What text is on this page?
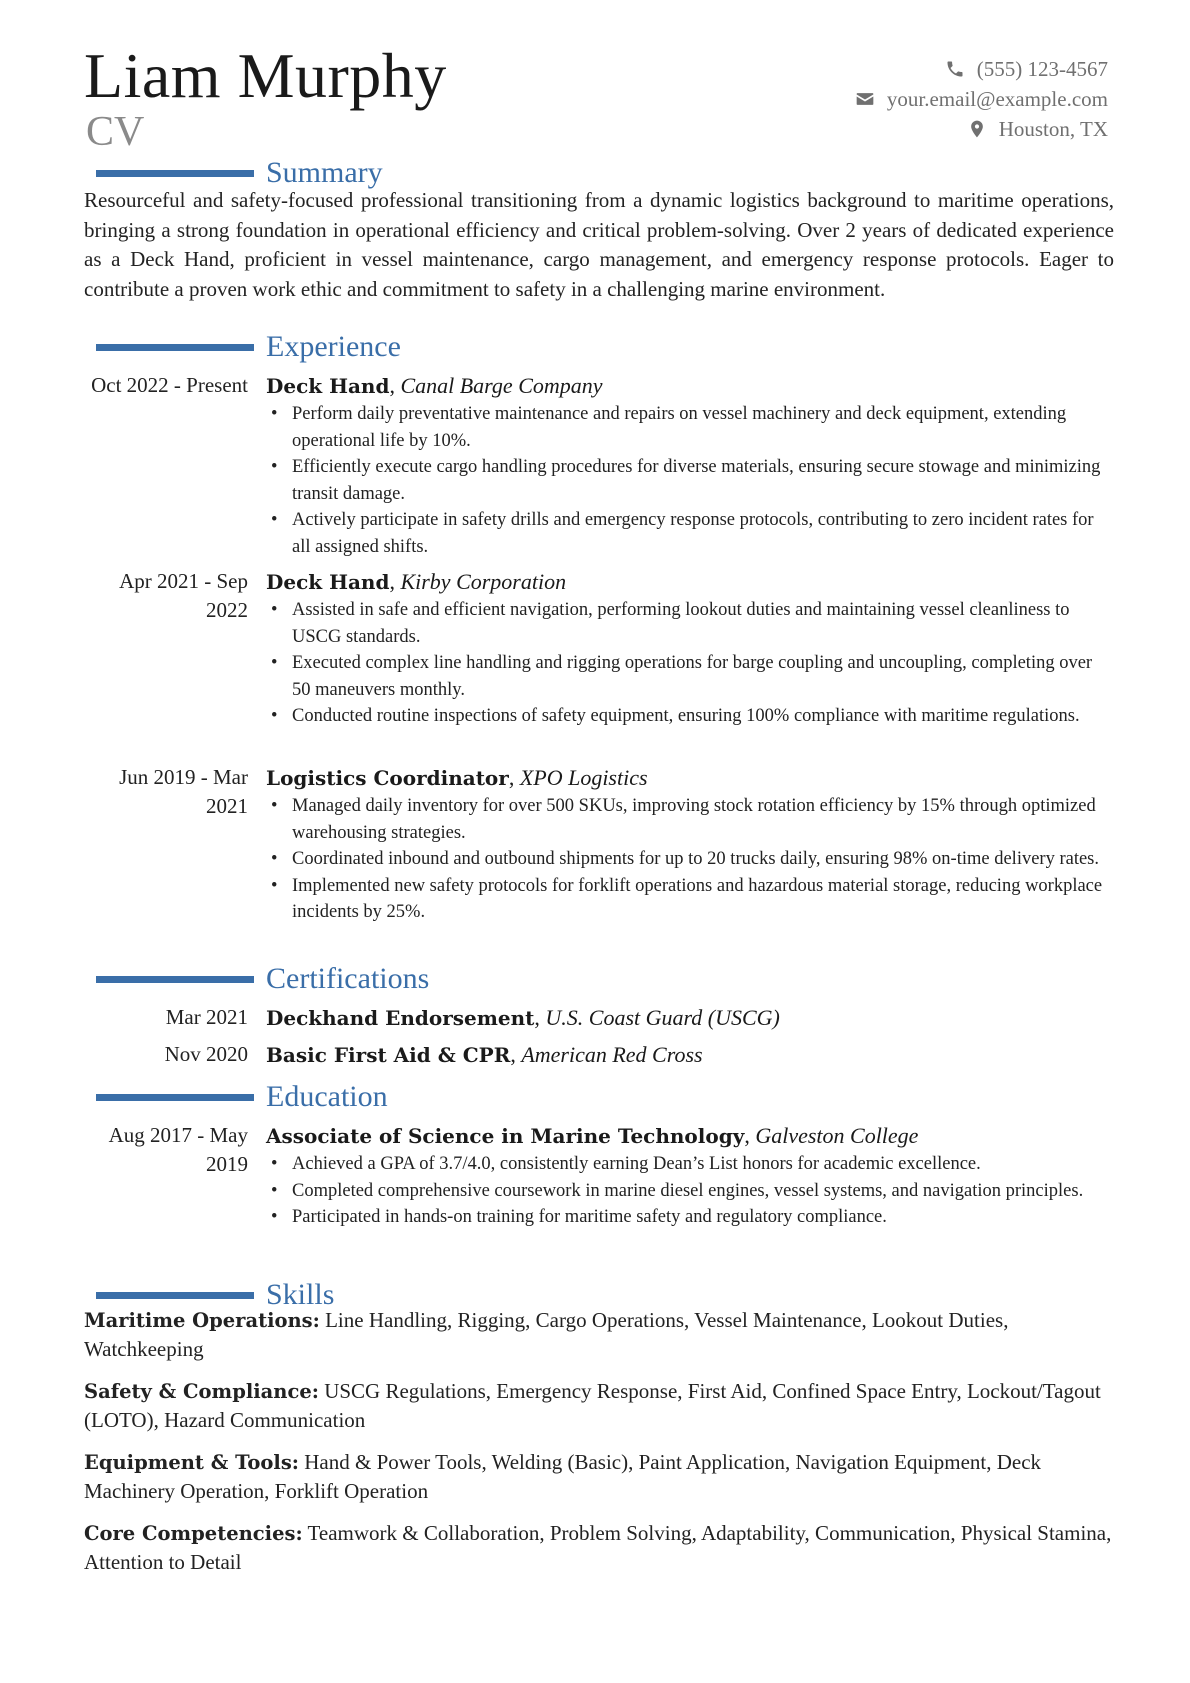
Liam Murphy
CV
(555) 123-4567
your.email@example.com
Houston, TX
Summary
Resourceful and safety-focused professional transitioning from a dynamic logistics background to maritime operations, bringing a strong foundation in operational efficiency and critical problem-solving. Over 2 years of dedicated experience as a Deck Hand, proficient in vessel maintenance, cargo management, and emergency response protocols. Eager to contribute a proven work ethic and commitment to safety in a challenging marine environment.
Experience
Oct 2022 - Present Deck Hand, Canal Barge Company
• Perform daily preventative maintenance and repairs on vessel machinery and deck equipment, extending operational life by 10%.
• Efficiently execute cargo handling procedures for diverse materials, ensuring secure stowage and minimizing transit damage.
• Actively participate in safety drills and emergency response protocols, contributing to zero incident rates for all assigned shifts.
Apr 2021 - Sep 2022
Deck Hand, Kirby Corporation
• Assisted in safe and efficient navigation, performing lookout duties and maintaining vessel cleanliness to USCG standards.
• Executed complex line handling and rigging operations for barge coupling and uncoupling, completing over 50 maneuvers monthly.
• Conducted routine inspections of safety equipment, ensuring 100% compliance with maritime regulations.
Jun 2019 - Mar 2021
Logistics Coordinator, XPO Logistics
• Managed daily inventory for over 500 SKUs, improving stock rotation efficiency by 15% through optimized warehousing strategies.
• Coordinated inbound and outbound shipments for up to 20 trucks daily, ensuring 98% on-time delivery rates.
• Implemented new safety protocols for forklift operations and hazardous material storage, reducing workplace incidents by 25%.
Certifications
Mar 2021 Deckhand Endorsement, U.S. Coast Guard (USCG)
Nov 2020 Basic First Aid & CPR, American Red Cross
Education
Aug 2017 - May 2019
Associate of Science in Marine Technology, Galveston College
• Achieved a GPA of 3.7/4.0, consistently earning Dean’s List honors for academic excellence.
• Completed comprehensive coursework in marine diesel engines, vessel systems, and navigation principles.
• Participated in hands-on training for maritime safety and regulatory compliance.
Skills
Maritime Operations: Line Handling, Rigging, Cargo Operations, Vessel Maintenance, Lookout Duties, Watchkeeping
Safety & Compliance: USCG Regulations, Emergency Response, First Aid, Confined Space Entry, Lockout/Tagout (LOTO), Hazard Communication
Equipment & Tools: Hand & Power Tools, Welding (Basic), Paint Application, Navigation Equipment, Deck Machinery Operation, Forklift Operation
Core Competencies: Teamwork & Collaboration, Problem Solving, Adaptability, Communication, Physical Stamina, Attention to Detail
